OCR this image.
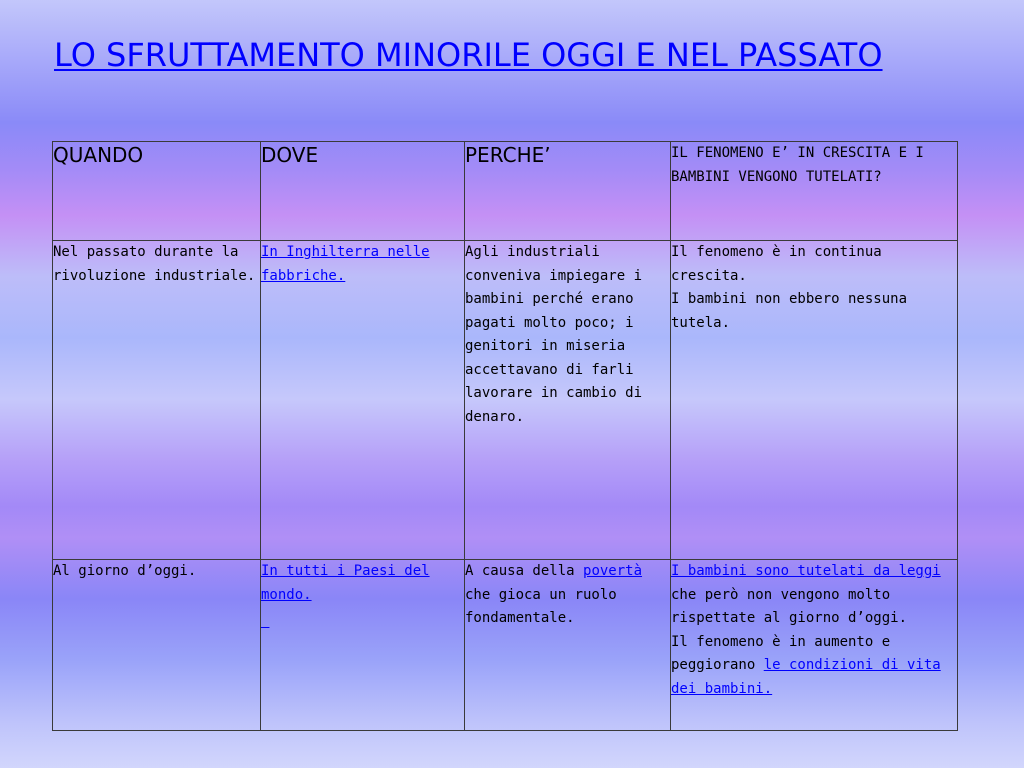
LO SFRUTTAMENTO MINORILE OGGI E NEL PASSATO
QUANDO	DOVE	PERCHE’	IL FENOMENO E’ IN CRESCITA E I BAMBINI VENGONO TUTELATI?
Nel passato durante la rivoluzione industriale.	In Inghilterra nelle fabbriche.	Agli industriali conveniva impiegare i bambini perché erano pagati molto poco; i genitori in miseria accettavano di farli lavorare in cambio di denaro.	Il fenomeno è in continua crescita.
I bambini non ebbero nessuna tutela.

Al giorno d’oggi.	In tutti i Paesi del mondo.	A causa della povertà che gioca un ruolo fondamentale.	I bambini sono tutelati da leggi che però non vengono molto rispettate al giorno d’oggi.
Il fenomeno è in aumento e  peggiorano le condizioni di vita dei bambini.
